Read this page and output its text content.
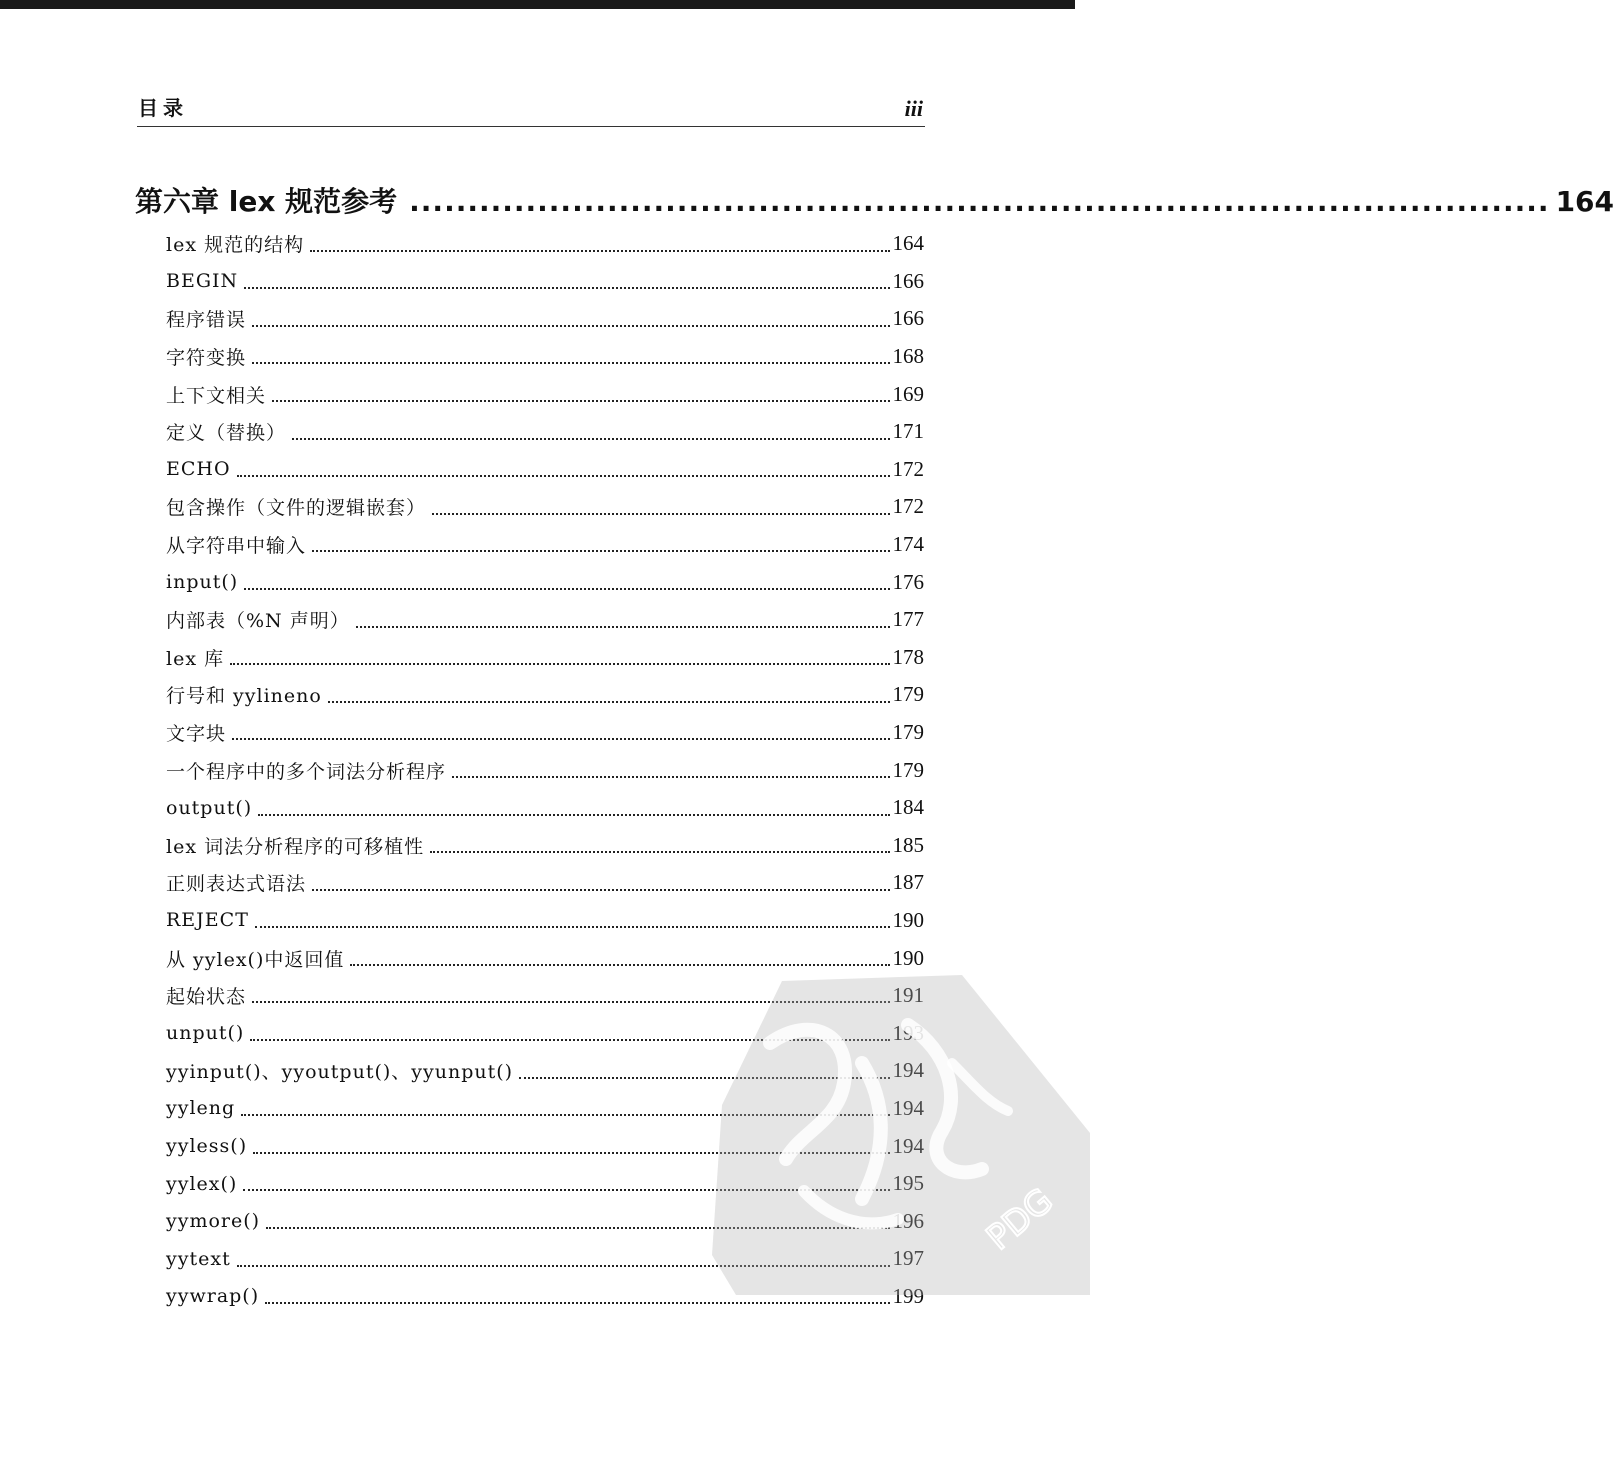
目录	iii
第六章 lex 规范参考 .................................................................................................. 164
lex 规范的结构	164
BEGIN	166
程序错误	166
字符变换	168
上下文相关	169
定义（替换）	171
ECHO	172
包含操作（文件的逻辑嵌套）	172
从字符串中输入	174
input()	176
内部表（%N 声明）	177
lex 库	178
行号和 yylineno	179
文字块	179
一个程序中的多个词法分析程序	179
output()	184
lex 词法分析程序的可移植性	185
正则表达式语法	187
REJECT	190
从 yylex()中返回值	190
起始状态	191
unput()	193
yyinput()、yyoutput()、yyunput()	194
yyleng	194
yyless()	194
yylex()	195
yymore()	196
yytext	197
yywrap()	199
PDG
